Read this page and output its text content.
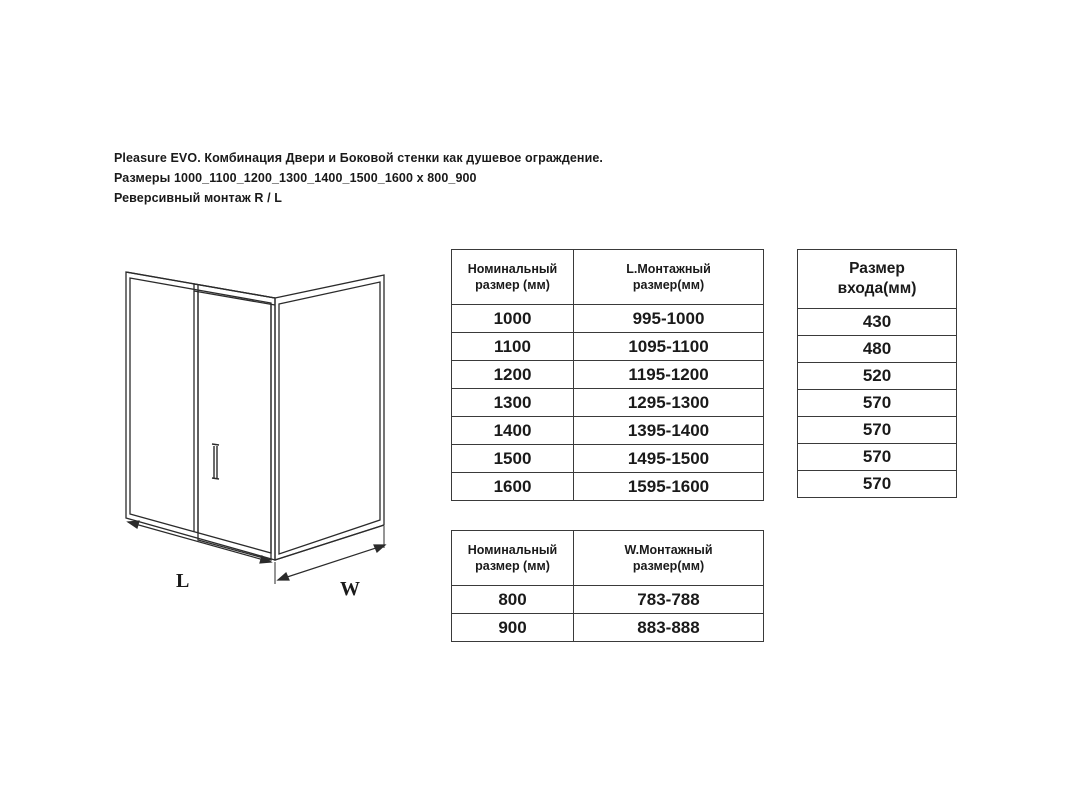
Pleasure EVO. Комбинация Двери и Боковой стенки как душевое ограждение.
Размеры 1000_1100_1200_1300_1400_1500_1600 х 800_900
Реверсивный монтаж R / L
L	W
Номинальный
размер (мм)	L.Монтажный
размер(мм)
1000	995-1000
1100	1095-1100
1200	1195-1200
1300	1295-1300
1400	1395-1400
1500	1495-1500
1600	1595-1600
Размер
входа(мм)
430
480
520
570
570
570
570
Номинальный
размер (мм)	W.Монтажный
размер(мм)
800	783-788
900	883-888
